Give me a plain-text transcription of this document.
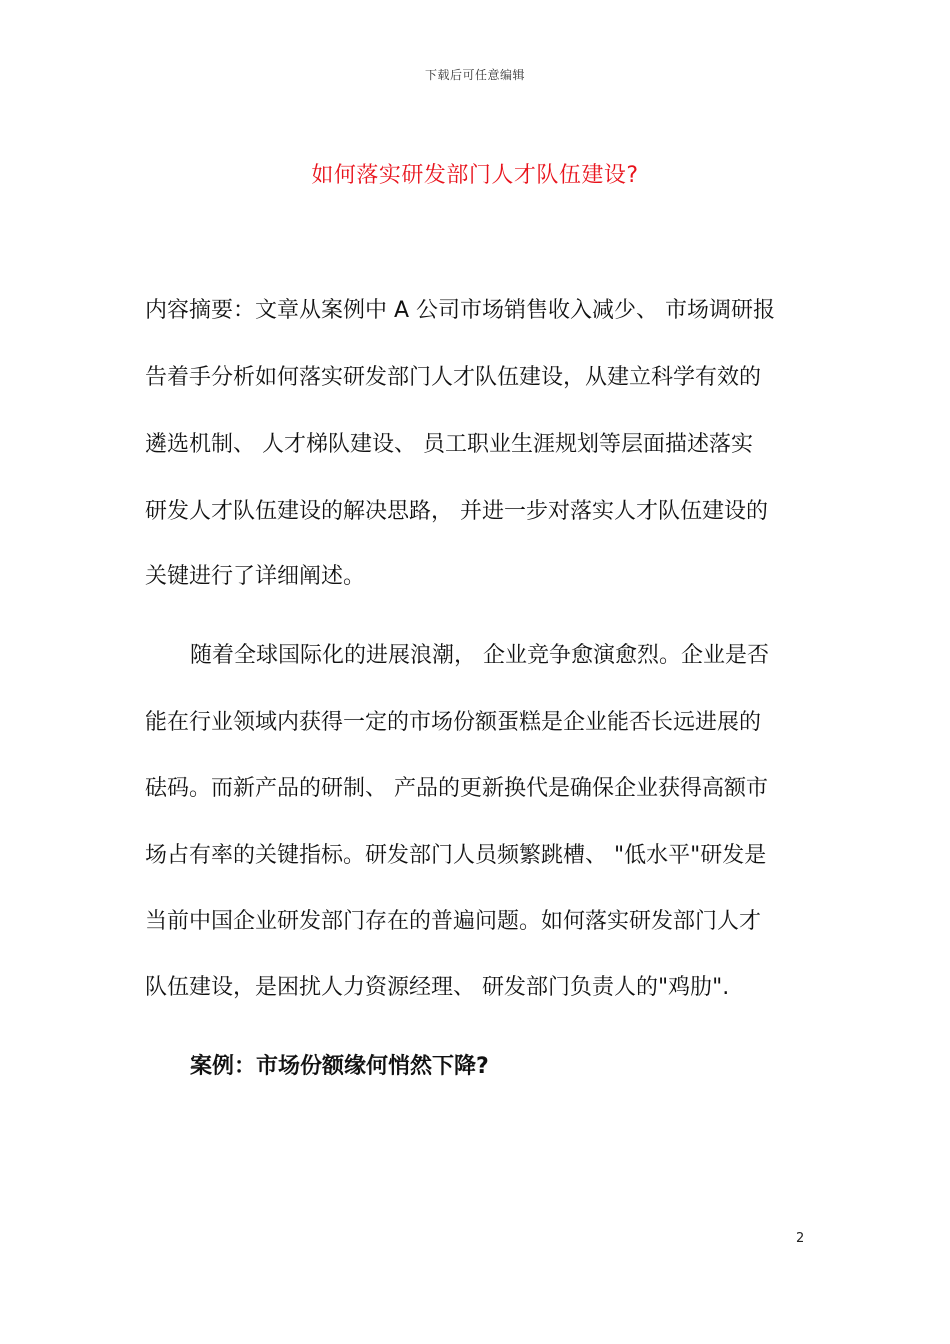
下载后可任意编辑
如何落实研发部门人才队伍建设?
内容摘要：文章从案例中 A 公司市场销售收入减少、 市场调研报
告着手分析如何落实研发部门人才队伍建设，从建立科学有效的
遴选机制、 人才梯队建设、 员工职业生涯规划等层面描述落实
研发人才队伍建设的解决思路， 并进一步对落实人才队伍建设的
关键进行了详细阐述。
随着全球国际化的进展浪潮， 企业竞争愈演愈烈。企业是否
能在行业领域内获得一定的市场份额蛋糕是企业能否长远进展的
砝码。而新产品的研制、 产品的更新换代是确保企业获得高额市
场占有率的关键指标。研发部门人员频繁跳槽、 "低水平"研发是
当前中国企业研发部门存在的普遍问题。如何落实研发部门人才
队伍建设，是困扰人力资源经理、 研发部门负责人的"鸡肋".
案例：市场份额缘何悄然下降?
2
